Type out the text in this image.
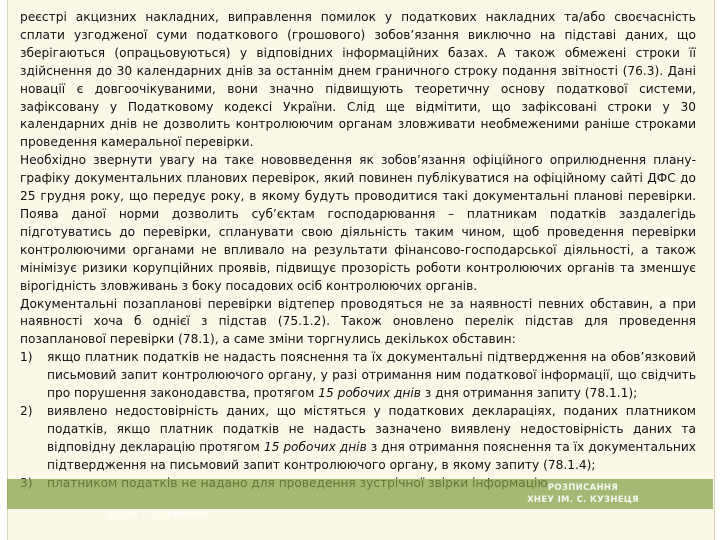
реєстрі акцизних накладних, виправлення помилок у податкових накладних та/або своєчасність сплати узгодженої суми податкового (грошового) зобов’язання виключно на підставі даних, що зберігаються (опрацьовуються) у відповідних інформаційних базах. А також обмежені строки її здійснення до 30 календарних днів за останнім днем граничного строку подання звітності (76.3). Дані новації є довгоочікуваними, вони значно підвищують теоретичну основу податкової системи, зафіксовану у Податковому кодексі України. Слід ще відмітити, що зафіксовані строки у 30 календарних днів не дозволить контролюючим органам зловживати необмеженими раніше строками проведення камеральної перевірки.

Необхідно звернути увагу на таке нововведення як зобов’язання офіційного оприлюднення плану-графіку документальних планових перевірок, який повинен публікуватися на офіційному сайті ДФС до 25 грудня року, що передує року, в якому будуть проводитися такі документальні планові перевірки. Поява даної норми дозволить суб’єктам господарювання – платникам податків заздалегідь підготуватись до перевірки, спланувати свою діяльність таким чином, щоб проведення перевірки контролюючими органами не впливало на результати фінансово-господарської діяльності, а також мінімізує ризики корупційних проявів, підвищує прозорість роботи контролюючих органів та зменшує вірогідність зловживань з боку посадових осіб контролюючих органів.

Документальні позапланові перевірки відтепер проводяться не за наявності певних обставин, а при наявності хоча б однієї з підстав (75.1.2). Також оновлено перелік підстав для проведення позапланової перевірки (78.1), а саме зміни торгнулись декількох обставин:

1) якщо платник податків не надасть пояснення та їх документальні підтвердження на обов’язковий письмовий запит контролюючого органу, у разі отримання ним податкової інформації, що свідчить про порушення законодавства, протягом 15 робочих днів з дня отримання запиту (78.1.1);
2) виявлено недостовірність даних, що містяться у податкових деклараціях, поданих платником податків, якщо платник податків не надасть зазначено виявлену недостовірність даних та відповідну декларацію протягом 15 робочих днів з дня отримання пояснення та їх документальних підтвердження на письмовий запит контролюючого органу, в якому запиту (78.1.4);
ВОЦІЯ ПІДПРИЄМЦІВ
РОЗПИСАННЯ
ХНЕУ ІМ. С. КУЗНЕЦЯ
